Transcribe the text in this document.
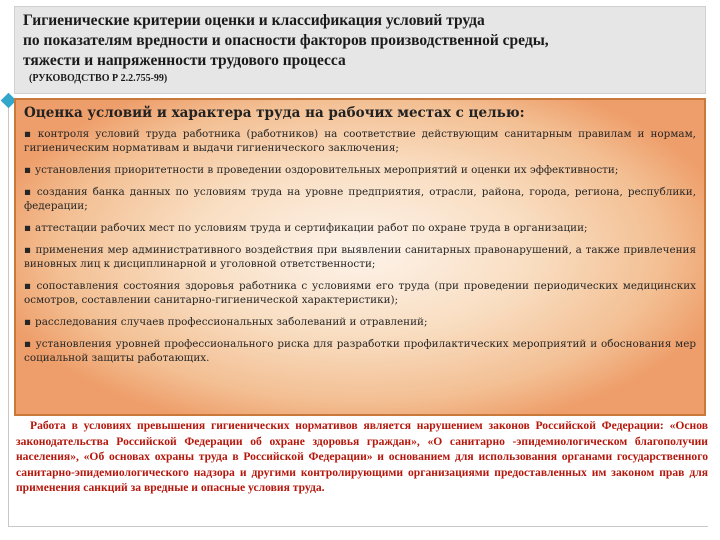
Гигиенические критерии оценки и классификация условий труда
по показателям вредности и опасности факторов производственной среды,
тяжести и напряженности трудового процесса
(РУКОВОДСТВО Р 2.2.755-99)
Оценка условий и характера труда на рабочих местах с целью:
▪ контроля условий труда работника (работников) на соответствие действующим санитарным правилам и нормам, гигиеническим нормативам и выдачи гигиенического заключения;
▪ установления приоритетности в проведении оздоровительных мероприятий и оценки их эффективности;
▪ создания банка данных по условиям труда на уровне предприятия, отрасли, района, города, региона, республики, федерации;
▪ аттестации рабочих мест по условиям труда и сертификации работ по охране труда в организации;
▪ применения мер административного воздействия при выявлении санитарных правонарушений, а также привлечения виновных лиц к дисциплинарной и уголовной ответственности;
▪ сопоставления состояния здоровья работника с условиями его труда (при проведении периодических медицинских осмотров, составлении санитарно-гигиенической характеристики);
▪ расследования случаев профессиональных заболеваний и отравлений;
▪ установления уровней профессионального риска для разработки профилактических мероприятий и обоснования мер социальной защиты работающих.
Работа в условиях превышения гигиенических нормативов является нарушением законов Российской Федерации: «Основ законодательства Российской Федерации об охране здоровья граждан», «О санитарно -эпидемиологическом благополучии населения», «Об основах охраны труда в Российской Федерации» и основанием для использования органами государственного санитарно-эпидемиологического надзора и другими контролирующими организациями предоставленных им законом прав для применения санкций за вредные и опасные условия труда.
